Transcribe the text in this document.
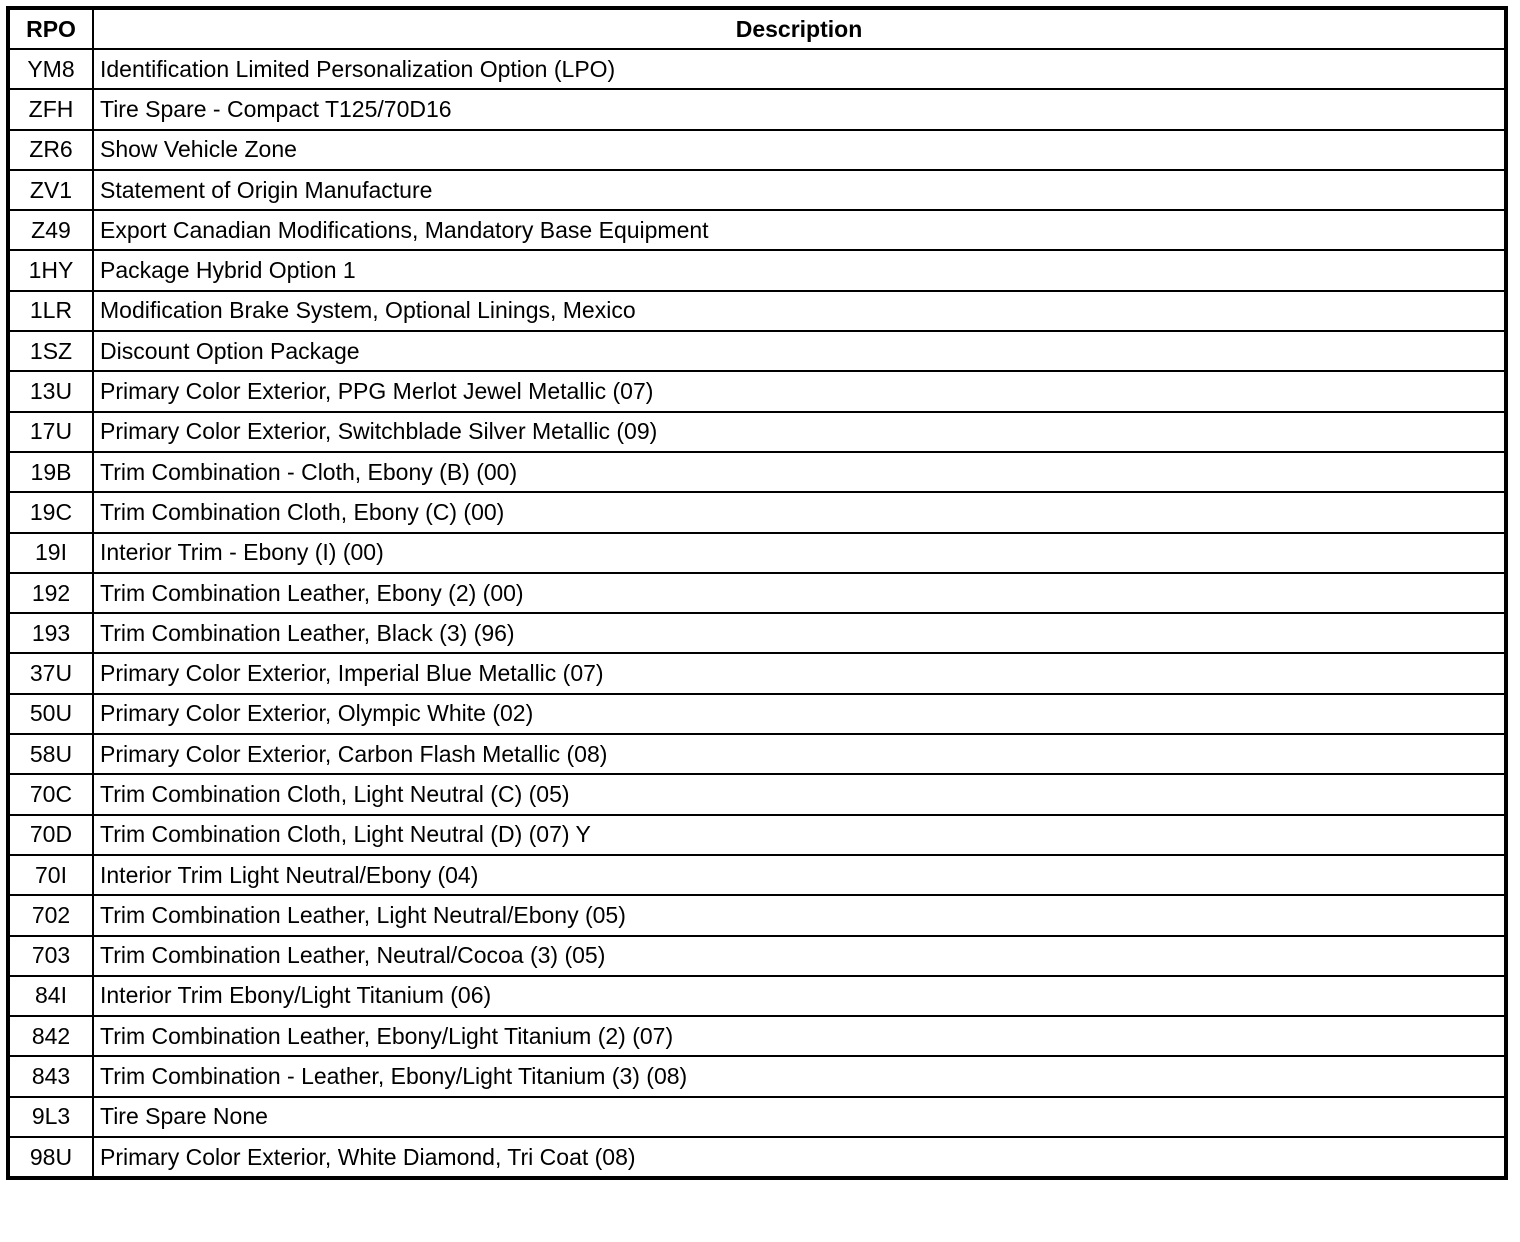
RPO	Description
YM8	Identification Limited Personalization Option (LPO)
ZFH	Tire Spare - Compact T125/70D16
ZR6	Show Vehicle Zone
ZV1	Statement of Origin Manufacture
Z49	Export Canadian Modifications, Mandatory Base Equipment
1HY	Package Hybrid Option 1
1LR	Modification Brake System, Optional Linings, Mexico
1SZ	Discount Option Package
13U	Primary Color Exterior, PPG Merlot Jewel Metallic (07)
17U	Primary Color Exterior, Switchblade Silver Metallic (09)
19B	Trim Combination - Cloth, Ebony (B) (00)
19C	Trim Combination Cloth, Ebony (C) (00)
19I	Interior Trim - Ebony (I) (00)
192	Trim Combination Leather, Ebony (2) (00)
193	Trim Combination Leather, Black (3) (96)
37U	Primary Color Exterior, Imperial Blue Metallic (07)
50U	Primary Color Exterior, Olympic White (02)
58U	Primary Color Exterior, Carbon Flash Metallic (08)
70C	Trim Combination Cloth, Light Neutral (C) (05)
70D	Trim Combination Cloth, Light Neutral (D) (07) Y
70I	Interior Trim Light Neutral/Ebony (04)
702	Trim Combination Leather, Light Neutral/Ebony (05)
703	Trim Combination Leather, Neutral/Cocoa (3) (05)
84I	Interior Trim Ebony/Light Titanium (06)
842	Trim Combination Leather, Ebony/Light Titanium (2) (07)
843	Trim Combination - Leather, Ebony/Light Titanium (3) (08)
9L3	Tire Spare None
98U	Primary Color Exterior, White Diamond, Tri Coat (08)
